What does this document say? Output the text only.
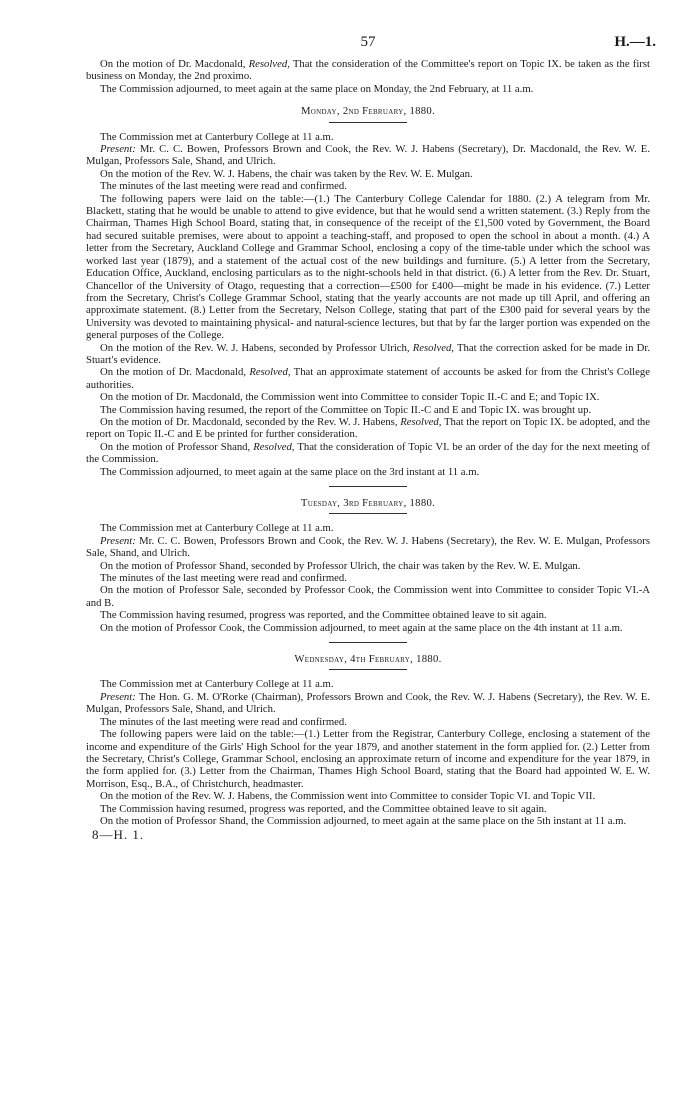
57	H.—1.

On the motion of Dr. Macdonald, Resolved, That the consideration of the Committee's report on Topic IX. be taken as the first business on Monday, the 2nd proximo.

The Commission adjourned, to meet again at the same place on Monday, the 2nd February, at 11 a.m.

Monday, 2nd February, 1880.

The Commission met at Canterbury College at 11 a.m.

Present: Mr. C. C. Bowen, Professors Brown and Cook, the Rev. W. J. Habens (Secretary), Dr. Macdonald, the Rev. W. E. Mulgan, Professors Sale, Shand, and Ulrich.

On the motion of the Rev. W. J. Habens, the chair was taken by the Rev. W. E. Mulgan.

The minutes of the last meeting were read and confirmed.

The following papers were laid on the table:—(1.) The Canterbury College Calendar for 1880. (2.) A telegram from Mr. Blackett, stating that he would be unable to attend to give evidence, but that he would send a written statement. (3.) Reply from the Chairman, Thames High School Board, stating that, in consequence of the receipt of the £1,500 voted by Government, the Board had secured suitable premises, were about to appoint a teaching-staff, and proposed to open the school in about a month. (4.) A letter from the Secretary, Auckland College and Grammar School, enclosing a copy of the time-table under which the school was worked last year (1879), and a statement of the actual cost of the new buildings and furniture. (5.) A letter from the Secretary, Education Office, Auckland, enclosing particulars as to the night-schools held in that district. (6.) A letter from the Rev. Dr. Stuart, Chancellor of the University of Otago, requesting that a correction—£500 for £400—might be made in his evidence. (7.) Letter from the Secretary, Christ's College Grammar School, stating that the yearly accounts are not made up till April, and offering an approximate statement. (8.) Letter from the Secretary, Nelson College, stating that part of the £300 paid for several years by the University was devoted to maintaining physical- and natural-science lectures, but that by far the larger portion was expended on the general purposes of the College.

On the motion of the Rev. W. J. Habens, seconded by Professor Ulrich, Resolved, That the correction asked for be made in Dr. Stuart's evidence.

On the motion of Dr. Macdonald, Resolved, That an approximate statement of accounts be asked for from the Christ's College authorities.

On the motion of Dr. Macdonald, the Commission went into Committee to consider Topic II.-C and E; and Topic IX.

The Commission having resumed, the report of the Committee on Topic II.-C and E and Topic IX. was brought up.

On the motion of Dr. Macdonald, seconded by the Rev. W. J. Habens, Resolved, That the report on Topic IX. be adopted, and the report on Topic II.-C and E be printed for further consideration.

On the motion of Professor Shand, Resolved, That the consideration of Topic VI. be an order of the day for the next meeting of the Commission.

The Commission adjourned, to meet again at the same place on the 3rd instant at 11 a.m.

Tuesday, 3rd February, 1880.

The Commission met at Canterbury College at 11 a.m.

Present: Mr. C. C. Bowen, Professors Brown and Cook, the Rev. W. J. Habens (Secretary), the Rev. W. E. Mulgan, Professors Sale, Shand, and Ulrich.

On the motion of Professor Shand, seconded by Professor Ulrich, the chair was taken by the Rev. W. E. Mulgan.

The minutes of the last meeting were read and confirmed.

On the motion of Professor Sale, seconded by Professor Cook, the Commission went into Committee to consider Topic VI.-A and B.

The Commission having resumed, progress was reported, and the Committee obtained leave to sit again.

On the motion of Professor Cook, the Commission adjourned, to meet again at the same place on the 4th instant at 11 a.m.

Wednesday, 4th February, 1880.

The Commission met at Canterbury College at 11 a.m.

Present: The Hon. G. M. O'Rorke (Chairman), Professors Brown and Cook, the Rev. W. J. Habens (Secretary), the Rev. W. E. Mulgan, Professors Sale, Shand, and Ulrich.

The minutes of the last meeting were read and confirmed.

The following papers were laid on the table:—(1.) Letter from the Registrar, Canterbury College, enclosing a statement of the income and expenditure of the Girls' High School for the year 1879, and another statement in the form applied for. (2.) Letter from the Secretary, Christ's College, Grammar School, enclosing an approximate return of income and expenditure for the year 1879, in the form applied for. (3.) Letter from the Chairman, Thames High School Board, stating that the Board had appointed W. E. W. Morrison, Esq., B.A., of Christchurch, headmaster.

On the motion of the Rev. W. J. Habens, the Commission went into Committee to consider Topic VI. and Topic VII.

The Commission having resumed, progress was reported, and the Committee obtained leave to sit again.

On the motion of Professor Shand, the Commission adjourned, to meet again at the same place on the 5th instant at 11 a.m.

8—H. 1.
